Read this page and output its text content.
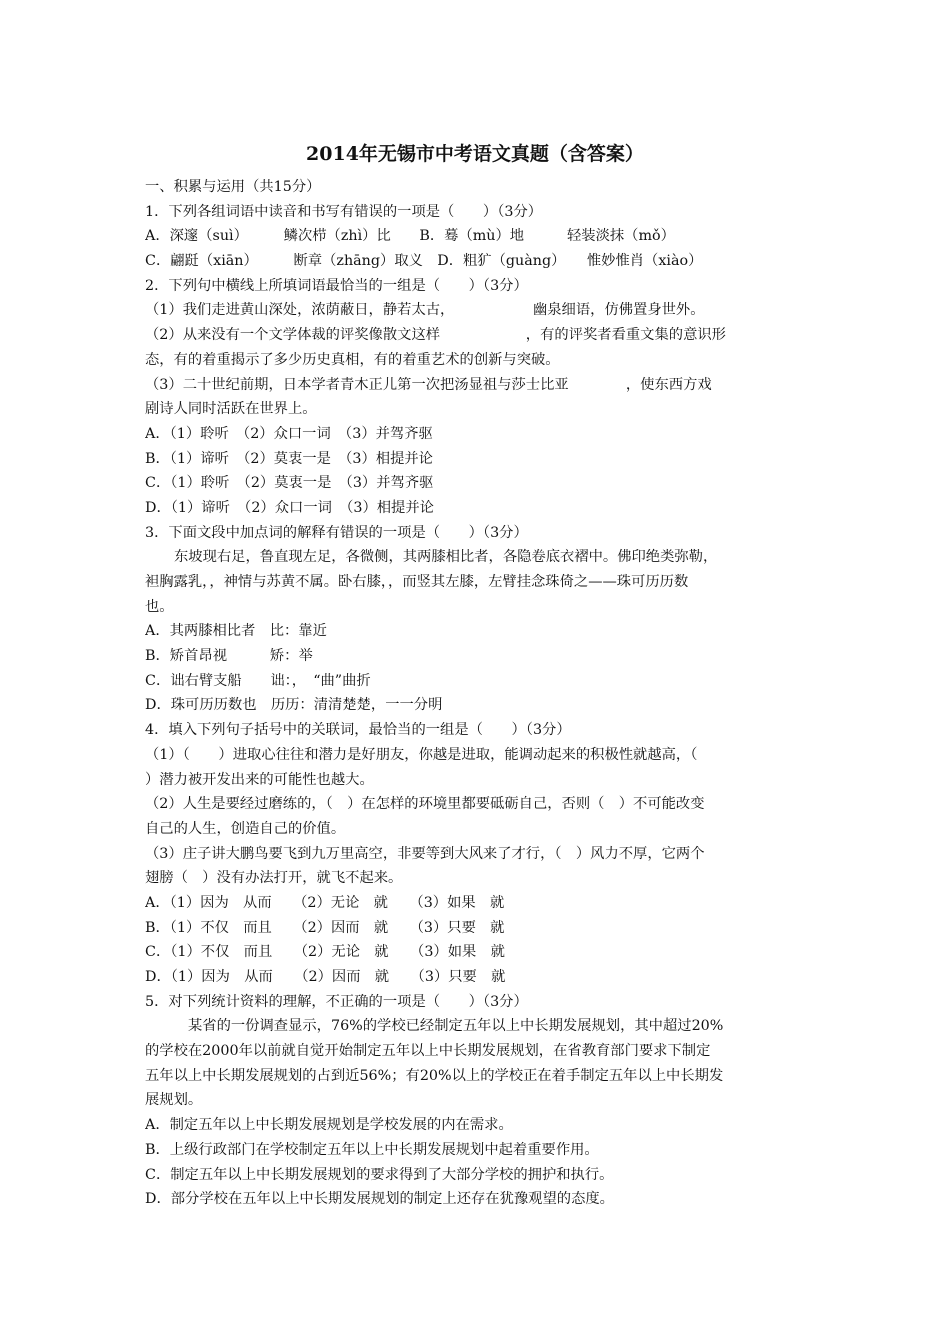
2014年无锡市中考语文真题（含答案）
一、积累与运用（共15分）
1．下列各组词语中读音和书写有错误的一项是（　　）（3分）
A．深邃（suì）　　　鳞次栉（zhì）比　　B．蓦（mù）地　　　轻装淡抹（mǒ）
C．翩跹（xiān）　　　断章（zhāng）取义　D．粗犷（guàng）　　惟妙惟肖（xiào）
2．下列句中横线上所填词语最恰当的一组是（　　）（3分）
（1）我们走进黄山深处，浓荫蔽日，静若太古，　　　　　　幽泉细语，仿佛置身世外。
（2）从来没有一个文学体裁的评奖像散文这样　　　　　　，有的评奖者看重文集的意识形
态，有的着重揭示了多少历史真相，有的着重艺术的创新与突破。
（3）二十世纪前期，日本学者青木正儿第一次把汤显祖与莎士比亚　　　　，使东西方戏
剧诗人同时活跃在世界上。
A．（1）聆听　（2）众口一词　（3）并驾齐驱
B．（1）谛听　（2）莫衷一是　（3）相提并论
C．（1）聆听　（2）莫衷一是　（3）并驾齐驱
D．（1）谛听　（2）众口一词　（3）相提并论
3．下面文段中加点词的解释有错误的一项是（　　）（3分）
东坡现右足，鲁直现左足，各微侧，其两膝相比者，各隐卷底衣褶中。佛印绝类弥勒，
袒胸露乳，，神情与苏黄不属。卧右膝，，而竖其左膝，左臂挂念珠倚之——珠可历历数
也。
A．其两膝相比者　比：靠近
B．矫首昂视　　　矫：举
C．诎右臂支船　　诎：，　“曲”曲折
D．珠可历历数也　历历：清清楚楚，一一分明
4．填入下列句子括号中的关联词，最恰当的一组是（　　）（3分）
（1）（　　）进取心往往和潜力是好朋友，你越是进取，能调动起来的积极性就越高，（
）潜力被开发出来的可能性也越大。
（2）人生是要经过磨练的，（　）在怎样的环境里都要砥砺自己，否则（　）不可能改变
自己的人生，创造自己的价值。
（3）庄子讲大鹏鸟要飞到九万里高空，非要等到大风来了才行，（　）风力不厚，它两个
翅膀（　）没有办法打开，就飞不起来。
A．（1）因为　从而　　（2）无论　就　　（3）如果　就
B．（1）不仅　而且　　（2）因而　就　　（3）只要　就
C．（1）不仅　而且　　（2）无论　就　　（3）如果　就
D．（1）因为　从而　　（2）因而　就　　（3）只要　就
5．对下列统计资料的理解，不正确的一项是（　　）（3分）
某省的一份调查显示，76%的学校已经制定五年以上中长期发展规划，其中超过20%
的学校在2000年以前就自觉开始制定五年以上中长期发展规划，在省教育部门要求下制定
五年以上中长期发展规划的占到近56%；有20%以上的学校正在着手制定五年以上中长期发
展规划。
A．制定五年以上中长期发展规划是学校发展的内在需求。
B．上级行政部门在学校制定五年以上中长期发展规划中起着重要作用。
C．制定五年以上中长期发展规划的要求得到了大部分学校的拥护和执行。
D．部分学校在五年以上中长期发展规划的制定上还存在犹豫观望的态度。
